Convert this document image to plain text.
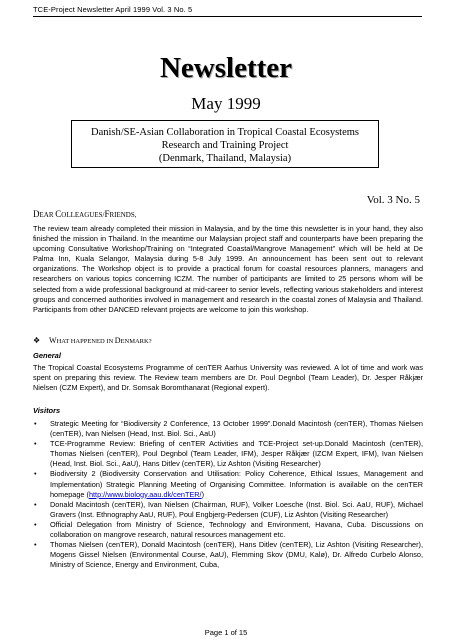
TCE-Project Newsletter April 1999 Vol. 3 No. 5
Newsletter
May 1999
Danish/SE-Asian Collaboration in Tropical Coastal Ecosystems
Research and Training Project
(Denmark, Thailand, Malaysia)
Vol. 3 No. 5
DEAR COLLEAGUES/FRIENDS,
The review team already completed their mission in Malaysia, and by the time this newsletter is in your hand, they also finished the mission in Thailand. In the meantime our Malaysian project staff and counterparts have been preparing the upcoming Consultative Workshop/Training on “Integrated Coastal/Mangrove Management” which will be held at De Palma Inn, Kuala Selangor, Malaysia during 5-8 July 1999. An announcement has been sent out to relevant organizations. The Workshop object is to provide a practical forum for coastal resources planners, managers and researchers on various topics concerning ICZM. The number of participants are limited to 25 persons whom will be selected from a wide professional background at mid-career to senior levels, reflecting various stakeholders and interest groups and concerned authorities involved in management and research in the coastal zones of Malaysia and Thailand. Participants from other DANCED relevant projects are welcome to join this workshop.
❖ WHAT HAPPENED IN DENMARK?
General
The Tropical Coastal Ecosystems Programme of cenTER Aarhus University was reviewed. A lot of time and work was spent on preparing this review. The Review team members are Dr. Poul Degnbol (Team Leader), Dr. Jesper Råkjær Nielsen (CZM Expert), and Dr. Somsak Boromthanarat (Regional expert).
Visitors
• Strategic Meeting for “Biodiversity 2 Conference, 13 October 1999”.Donald Macintosh (cenTER), Thomas Nielsen (cenTER), Ivan Nielsen (Head, Inst. Biol. Sci., AaU)
• TCE-Programme Review: Briefing of cenTER Activities and TCE-Project set-up.Donald Macintosh (cenTER), Thomas Nielsen (cenTER), Poul Degnbol (Team Leader, IFM), Jesper Råkjær (IZCM Expert, IFM), Ivan Nielsen (Head, Inst. Biol. Sci., AaU), Hans Ditlev (cenTER), Liz Ashton (Visiting Researcher)
• Biodiversity 2 (Biodiversity Conservation and Utilisation: Policy Coherence, Ethical Issues, Management and Implementation) Strategic Planning Meeting of Organising Committee. Information is available on the cenTER homepage (http://www.biology.aau.dk/cenTER/)
• Donald Macintosh (cenTER), Ivan Nielsen (Chairman, RUF), Volker Loesche (Inst. Biol. Sci. AaU, RUF), Michael Gravers (Inst. Ethnography AaU, RUF), Poul Engbjerg-Pedersen (CUF), Liz Ashton (Visiting Researcher)
• Official Delegation from Ministry of Science, Technology and Environment, Havana, Cuba. Discussions on collaboration on mangrove research, natural resources management etc.
• Thomas Nielsen (cenTER), Donald Macintosh (cenTER), Hans Ditlev (cenTER), Liz Ashton (Visiting Researcher), Mogens Gissel Nielsen (Environmental Course, AaU), Flemming Skov (DMU, Kalø), Dr. Alfredo Curbelo Alonso, Ministry of Science, Energy and Environment, Cuba,
Page 1 of 15
